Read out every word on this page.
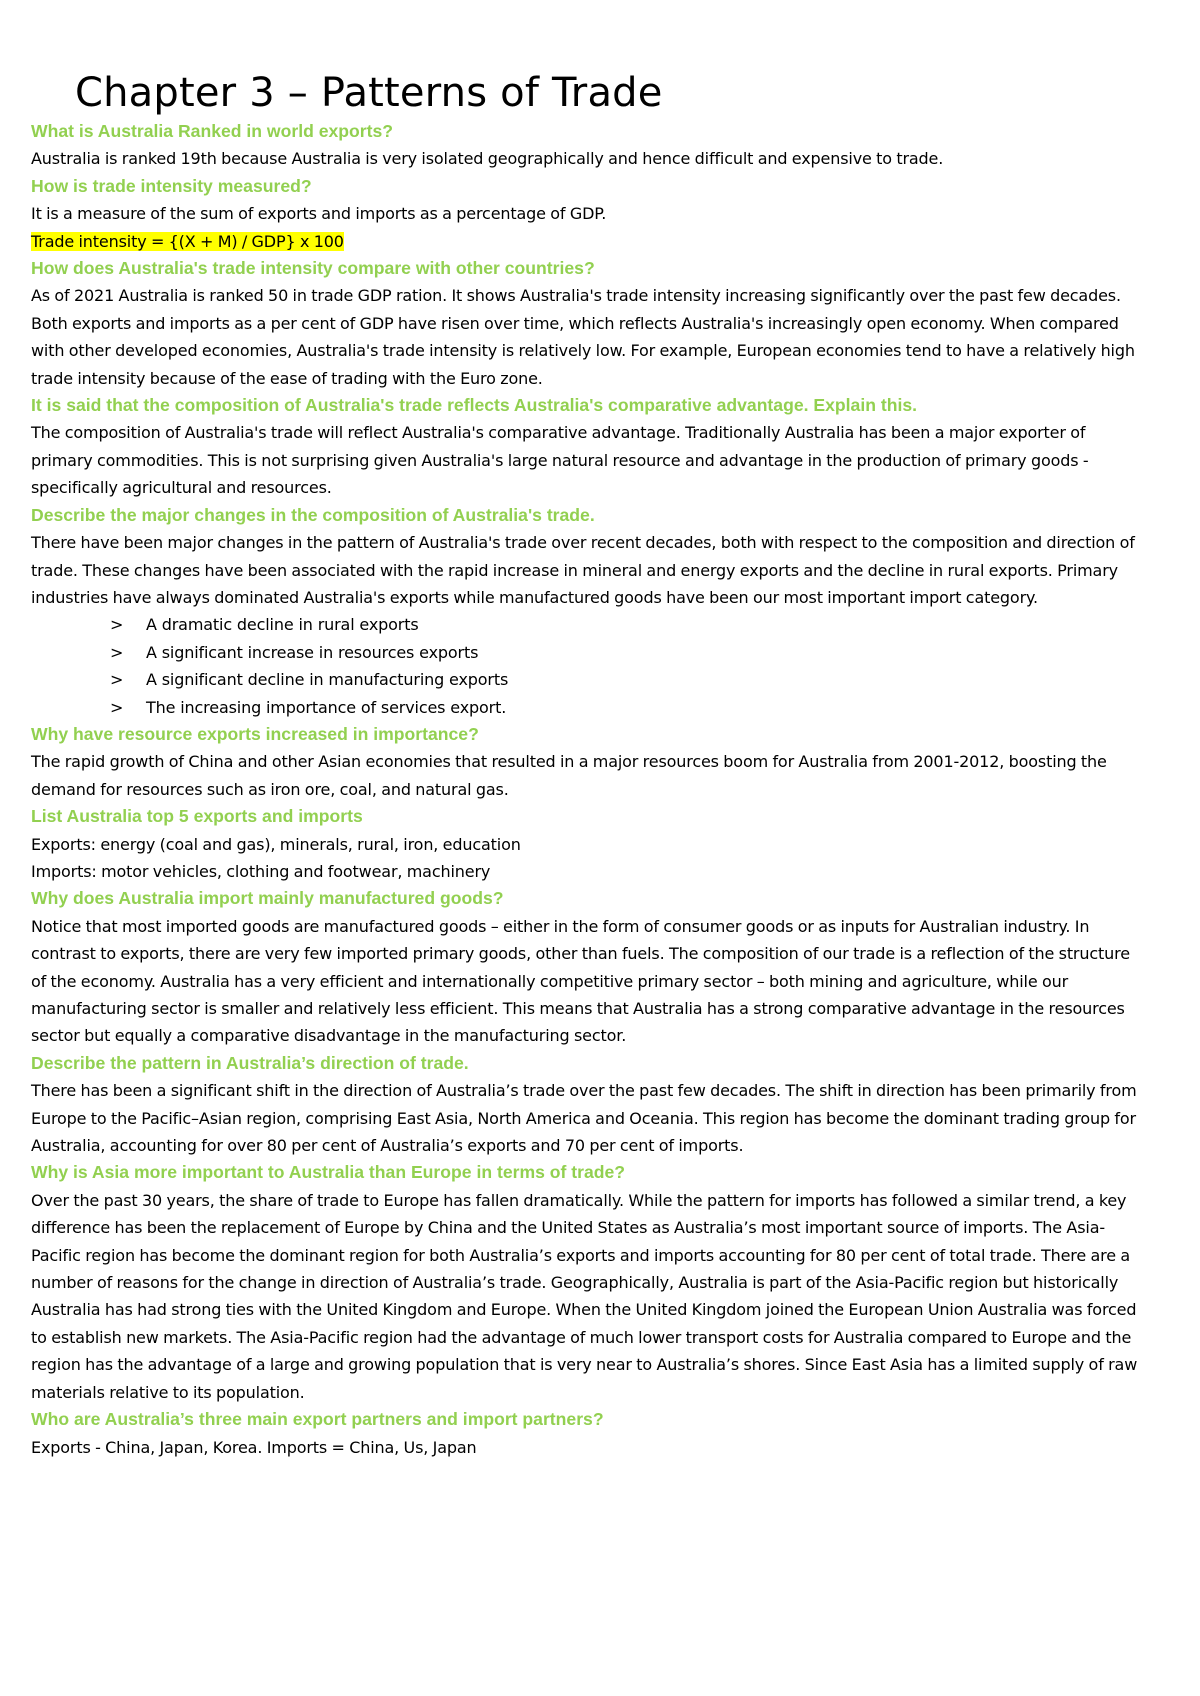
Chapter 3 – Patterns of Trade

What is Australia Ranked in world exports?

Australia is ranked 19th because Australia is very isolated geographically and hence difficult and expensive to trade.

How is trade intensity measured?

It is a measure of the sum of exports and imports as a percentage of GDP.

Trade intensity = {(X + M) / GDP} x 100

How does Australia's trade intensity compare with other countries?

As of 2021 Australia is ranked 50 in trade GDP ration. It shows Australia's trade intensity increasing significantly over the past few decades. Both exports and imports as a per cent of GDP have risen over time, which reflects Australia's increasingly open economy. When compared with other developed economies, Australia's trade intensity is relatively low. For example, European economies tend to have a relatively high trade intensity because of the ease of trading with the Euro zone.

It is said that the composition of Australia's trade reflects Australia's comparative advantage. Explain this.

The composition of Australia's trade will reflect Australia's comparative advantage. Traditionally Australia has been a major exporter of primary commodities. This is not surprising given Australia's large natural resource and advantage in the production of primary goods - specifically agricultural and resources.

Describe the major changes in the composition of Australia's trade.

There have been major changes in the pattern of Australia's trade over recent decades, both with respect to the composition and direction of trade. These changes have been associated with the rapid increase in mineral and energy exports and the decline in rural exports. Primary industries have always dominated Australia's exports while manufactured goods have been our most important import category.

> A dramatic decline in rural exports
> A significant increase in resources exports
> A significant decline in manufacturing exports
> The increasing importance of services export.

Why have resource exports increased in importance?

The rapid growth of China and other Asian economies that resulted in a major resources boom for Australia from 2001-2012, boosting the demand for resources such as iron ore, coal, and natural gas.

List Australia top 5 exports and imports

Exports: energy (coal and gas), minerals, rural, iron, education

Imports: motor vehicles, clothing and footwear, machinery

Why does Australia import mainly manufactured goods?

Notice that most imported goods are manufactured goods – either in the form of consumer goods or as inputs for Australian industry. In contrast to exports, there are very few imported primary goods, other than fuels. The composition of our trade is a reflection of the structure of the economy. Australia has a very efficient and internationally competitive primary sector – both mining and agriculture, while our manufacturing sector is smaller and relatively less efficient. This means that Australia has a strong comparative advantage in the resources sector but equally a comparative disadvantage in the manufacturing sector.

Describe the pattern in Australia’s direction of trade.

There has been a significant shift in the direction of Australia’s trade over the past few decades. The shift in direction has been primarily from Europe to the Pacific–Asian region, comprising East Asia, North America and Oceania. This region has become the dominant trading group for Australia, accounting for over 80 per cent of Australia’s exports and 70 per cent of imports.

Why is Asia more important to Australia than Europe in terms of trade?

Over the past 30 years, the share of trade to Europe has fallen dramatically. While the pattern for imports has followed a similar trend, a key difference has been the replacement of Europe by China and the United States as Australia’s most important source of imports. The Asia-Pacific region has become the dominant region for both Australia’s exports and imports accounting for 80 per cent of total trade. There are a number of reasons for the change in direction of Australia’s trade. Geographically, Australia is part of the Asia-Pacific region but historically Australia has had strong ties with the United Kingdom and Europe. When the United Kingdom joined the European Union Australia was forced to establish new markets. The Asia-Pacific region had the advantage of much lower transport costs for Australia compared to Europe and the region has the advantage of a large and growing population that is very near to Australia’s shores. Since East Asia has a limited supply of raw materials relative to its population.

Who are Australia’s three main export partners and import partners?

Exports - China, Japan, Korea. Imports = China, Us, Japan
